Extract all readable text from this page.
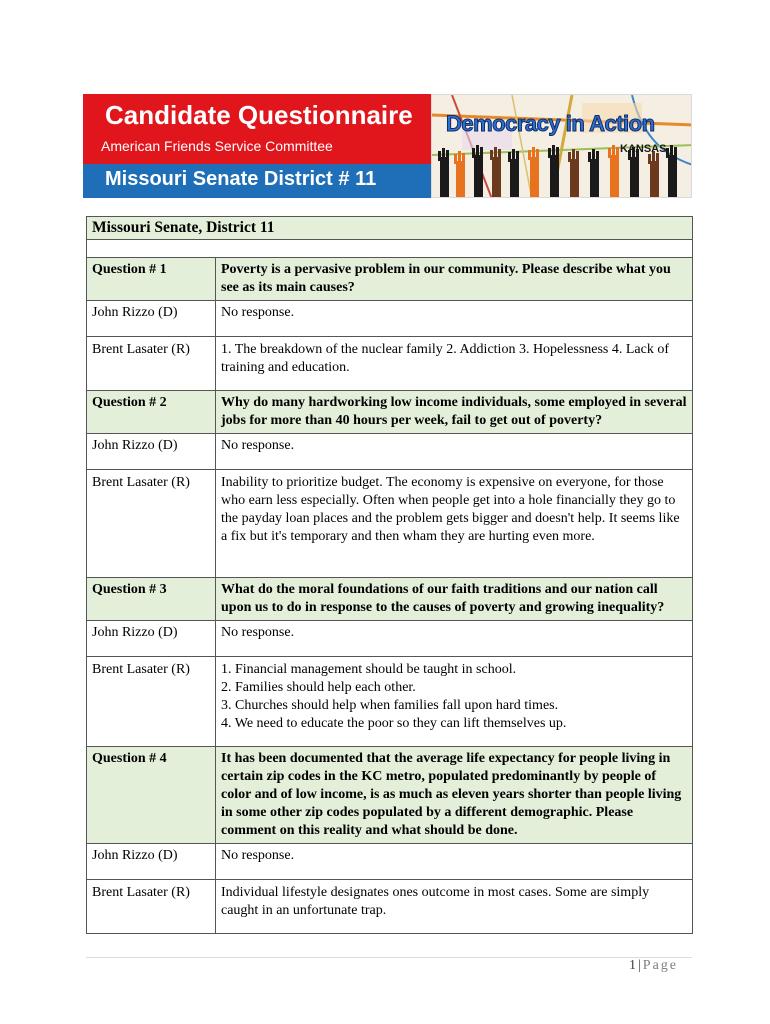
Candidate Questionnaire
American Friends Service Committee
Missouri Senate District # 11
Democracy in Action
KANSAS
Missouri Senate, District 11	

Question # 1	Poverty is a pervasive problem in our community. Please describe what you see as its main causes?
John Rizzo (D)	No response.
Brent Lasater (R)	1. The breakdown of the nuclear family 2. Addiction 3. Hopelessness 4. Lack of training and education.
Question # 2	Why do many hardworking low income individuals, some employed in several jobs for more than 40 hours per week, fail to get out of poverty?
John Rizzo (D)	No response.
Brent Lasater (R)	Inability to prioritize budget. The economy is expensive on everyone, for those who earn less especially. Often when people get into a hole financially they go to the payday loan places and the problem gets bigger and doesn't help. It seems like a fix but it's temporary and then wham they are hurting even more.
Question # 3	What do the moral foundations of our faith traditions and our nation call upon us to do in response to the causes of poverty and growing inequality?
John Rizzo (D)	No response.
Brent Lasater (R)	1. Financial management should be taught in school.
2. Families should help each other.
3. Churches should help when families fall upon hard times.
4. We need to educate the poor so they can lift themselves up.

Question # 4	It has been documented that the average life expectancy for people living in certain zip codes in the KC metro, populated predominantly by people of color and of low income, is as much as eleven years shorter than people living in some other zip codes populated by a different demographic. Please comment on this reality and what should be done.
John Rizzo (D)	No response.
Brent Lasater (R)	Individual lifestyle designates ones outcome in most cases. Some are simply caught in an unfortunate trap.
1 | Page
